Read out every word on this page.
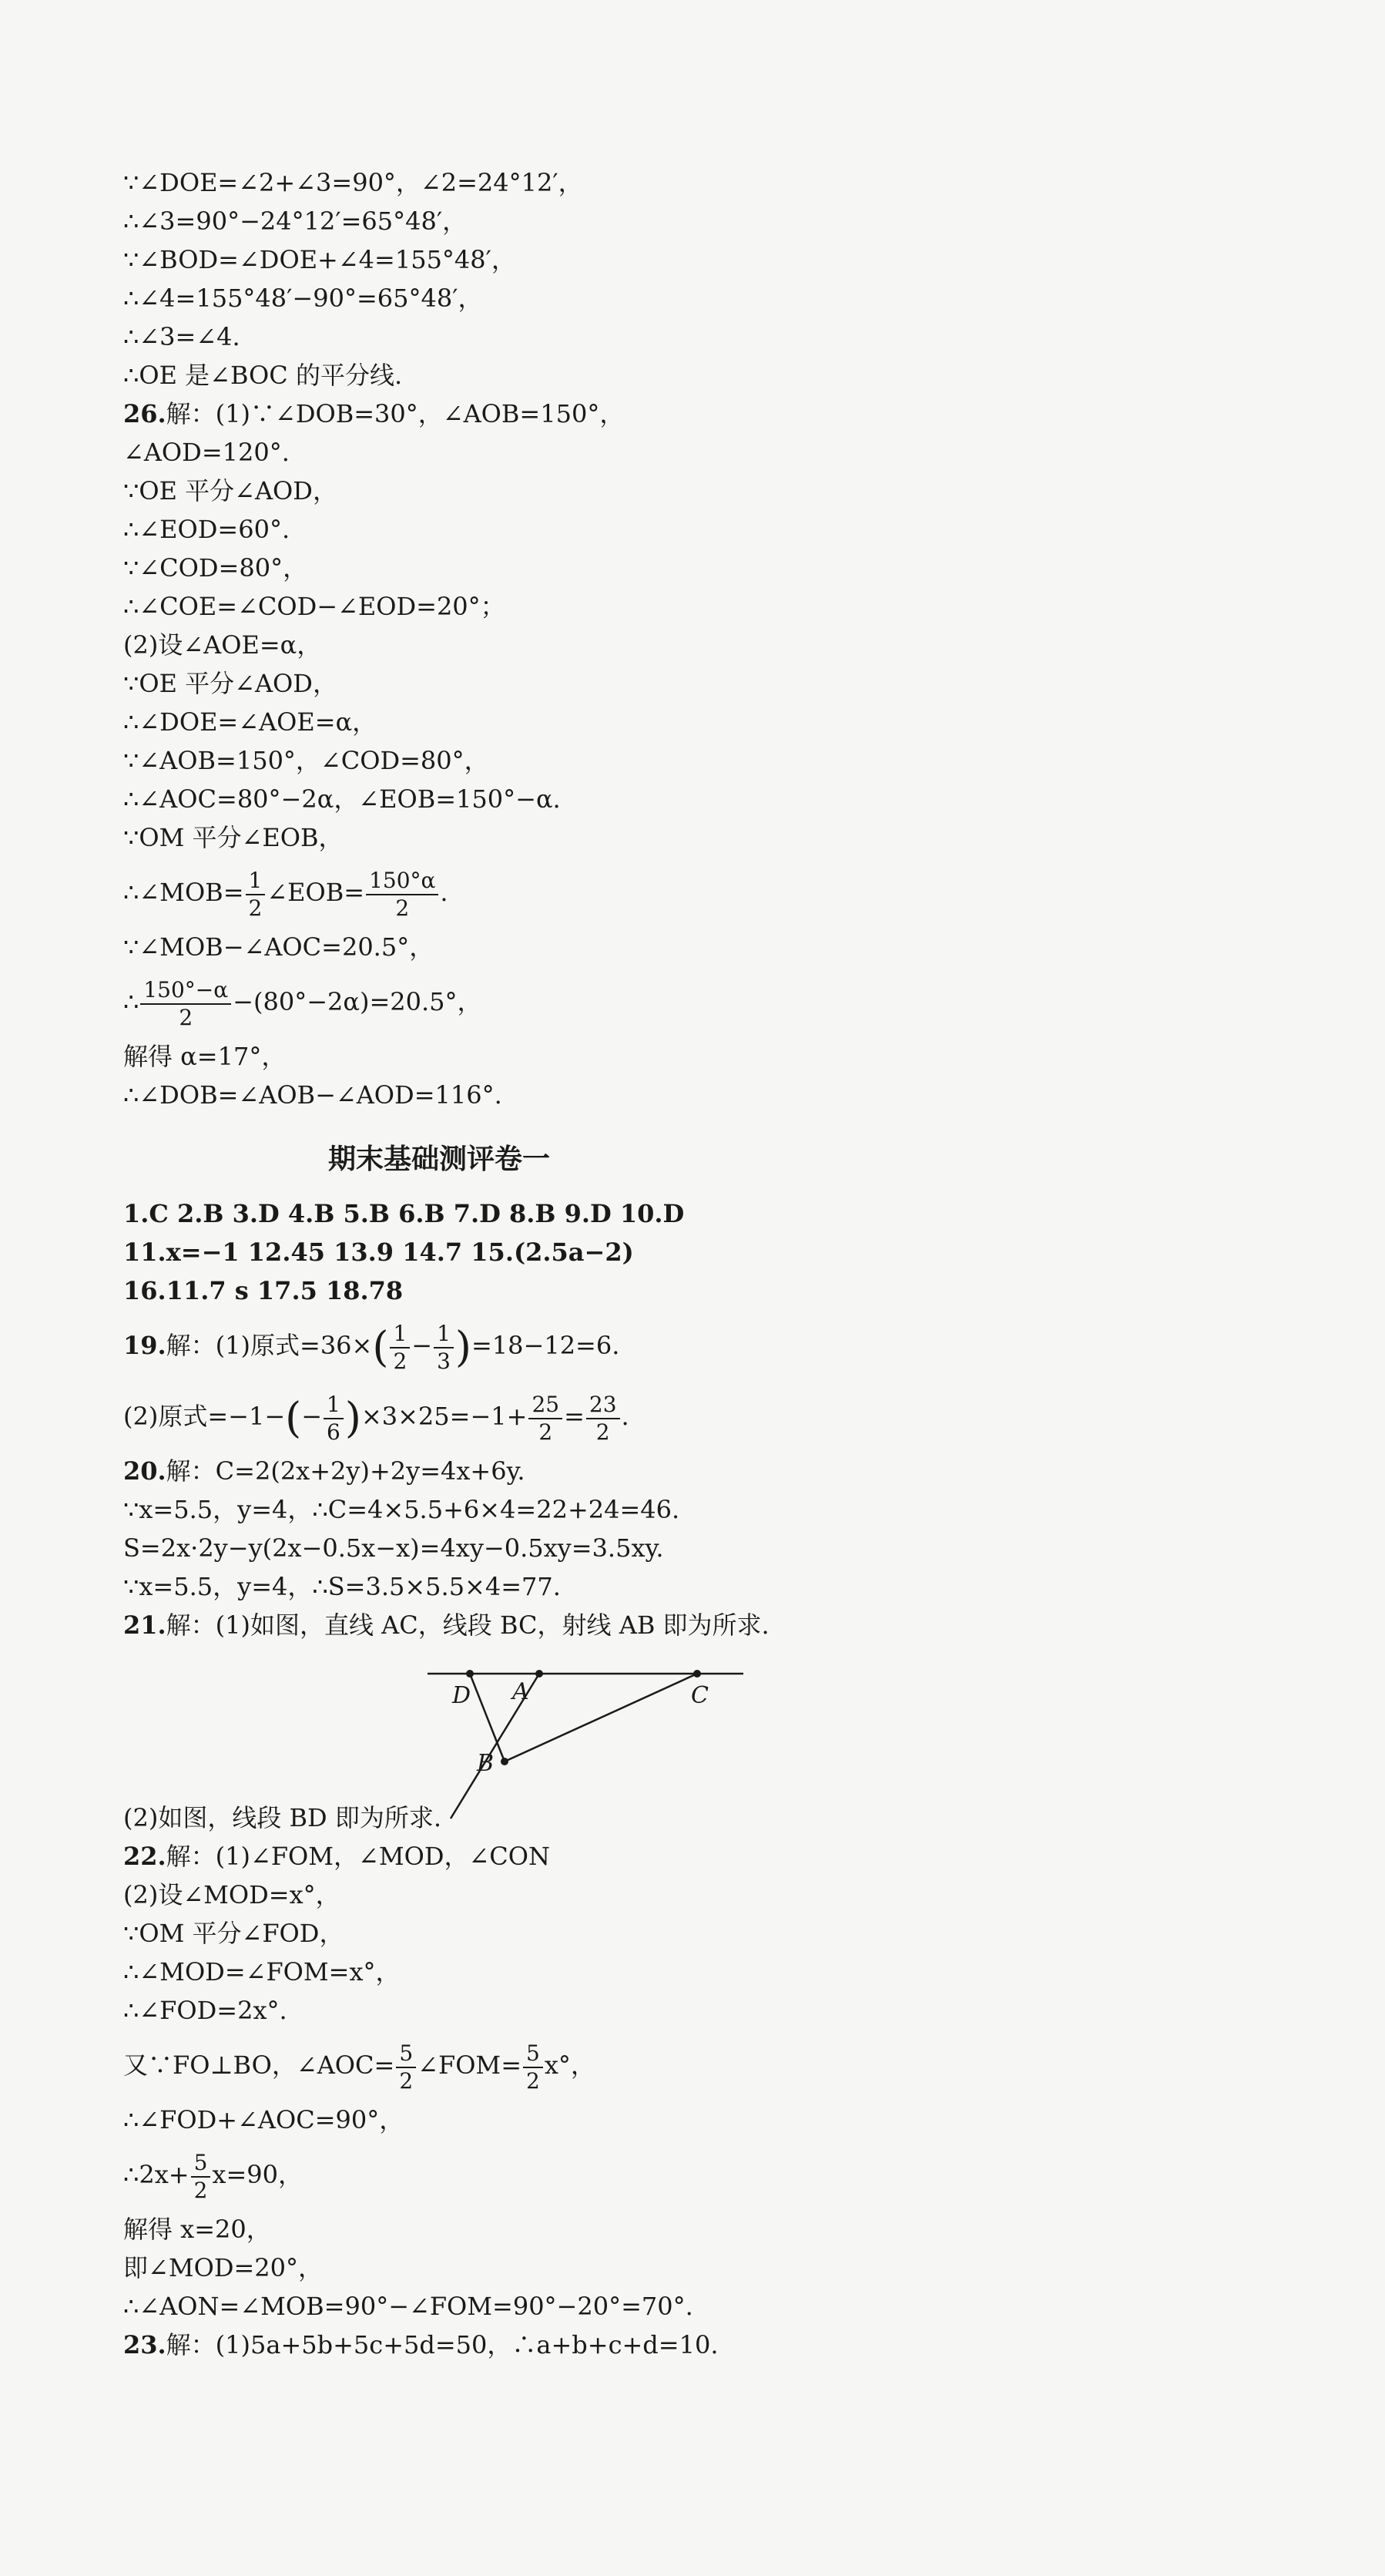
∵∠DOE=∠2+∠3=90°，∠2=24°12′，
∴∠3=90°−24°12′=65°48′，
∵∠BOD=∠DOE+∠4=155°48′，
∴∠4=155°48′−90°=65°48′，
∴∠3=∠4.
∴OE 是∠BOC 的平分线.
26.解：(1)∵∠DOB=30°，∠AOB=150°，
∠AOD=120°.
∵OE 平分∠AOD，
∴∠EOD=60°.
∵∠COD=80°，
∴∠COE=∠COD−∠EOD=20°；
(2)设∠AOE=α，
∵OE 平分∠AOD，
∴∠DOE=∠AOE=α，
∵∠AOB=150°，∠COD=80°，
∴∠AOC=80°−2α，∠EOB=150°−α.
∵OM 平分∠EOB，
∴∠MOB= $\frac{1}{2}$ ∠EOB= $\frac{150^\circ\alpha}{2}$ .
∵∠MOB−∠AOC=20.5°，
∴ $\frac{150^\circ-\alpha}{2} -(80^\circ-2\alpha)=20.5^\circ$，
解得 α=17°，
∴∠DOB=∠AOB−∠AOD=116°.
期末基础测评卷一
1.C 2.B 3.D 4.B 5.B 6.B 7.D 8.B 9.D 10.D
11.x=−1 12.45 13.9 14.7 15.(2.5a−2)
16.11.7 s 17.5 18.78
19.解：(1)原式$=36\times( \frac{1}{2} - \frac{1}{3} )=18-12=6$.
(2)原式$=-1-(- \frac{1}{6} )\times 3\times 25=-1+ \frac{25}{2} = \frac{23}{2}$ .
20.解：C=2(2x+2y)+2y=4x+6y.
∵x=5.5，y=4，∴C=4×5.5+6×4=22+24=46.
S=2x·2y−y(2x−0.5x−x)=4xy−0.5xy=3.5xy.
∵x=5.5，y=4，∴S=3.5×5.5×4=77.
21.解：(1)如图，直线 AC，线段 BC，射线 AB 即为所求.
(2)如图，线段 BD 即为所求.
22.解：(1)∠FOM，∠MOD，∠CON
(2)设∠MOD=x°，
∵OM 平分∠FOD，
∴∠MOD=∠FOM=x°，
∴∠FOD=2x°.
又∵FO⊥BO，∠AOC= $\frac{5}{2}$ ∠FOM= $\frac{5}{2} x^\circ$，
∴∠FOD+∠AOC=90°，
∴2x+ $\frac{5}{2} x=90$，
解得 x=20，
即∠MOD=20°，
∴∠AON=∠MOB=90°−∠FOM=90°−20°=70°.
23.解：(1)5a+5b+5c+5d=50，∴a+b+c+d=10.
D A	C
B
